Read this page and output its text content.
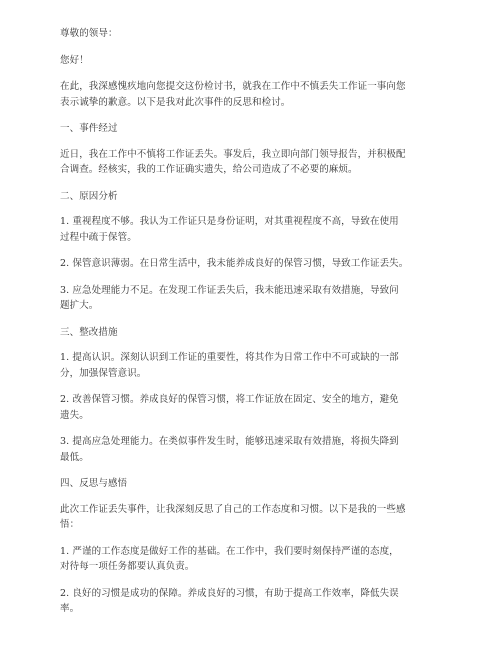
尊敬的领导：

您好！

在此，我深感愧疚地向您提交这份检讨书，就我在工作中不慎丢失工作证一事向您

表示诚挚的歉意。以下是我对此次事件的反思和检讨。

一、事件经过

近日，我在工作中不慎将工作证丢失。事发后，我立即向部门领导报告，并积极配

合调查。经核实，我的工作证确实遗失，给公司造成了不必要的麻烦。

二、原因分析

1. 重视程度不够。我认为工作证只是身份证明，对其重视程度不高，导致在使用

过程中疏于保管。

2. 保管意识薄弱。在日常生活中，我未能养成良好的保管习惯，导致工作证丢失。

3. 应急处理能力不足。在发现工作证丢失后，我未能迅速采取有效措施，导致问

题扩大。

三、整改措施

1. 提高认识。深刻认识到工作证的重要性，将其作为日常工作中不可或缺的一部

分，加强保管意识。

2. 改善保管习惯。养成良好的保管习惯，将工作证放在固定、安全的地方，避免

遗失。

3. 提高应急处理能力。在类似事件发生时，能够迅速采取有效措施，将损失降到

最低。

四、反思与感悟

此次工作证丢失事件，让我深刻反思了自己的工作态度和习惯。以下是我的一些感

悟：

1. 严谨的工作态度是做好工作的基础。在工作中，我们要时刻保持严谨的态度，

对待每一项任务都要认真负责。

2. 良好的习惯是成功的保障。养成良好的习惯，有助于提高工作效率，降低失误

率。
